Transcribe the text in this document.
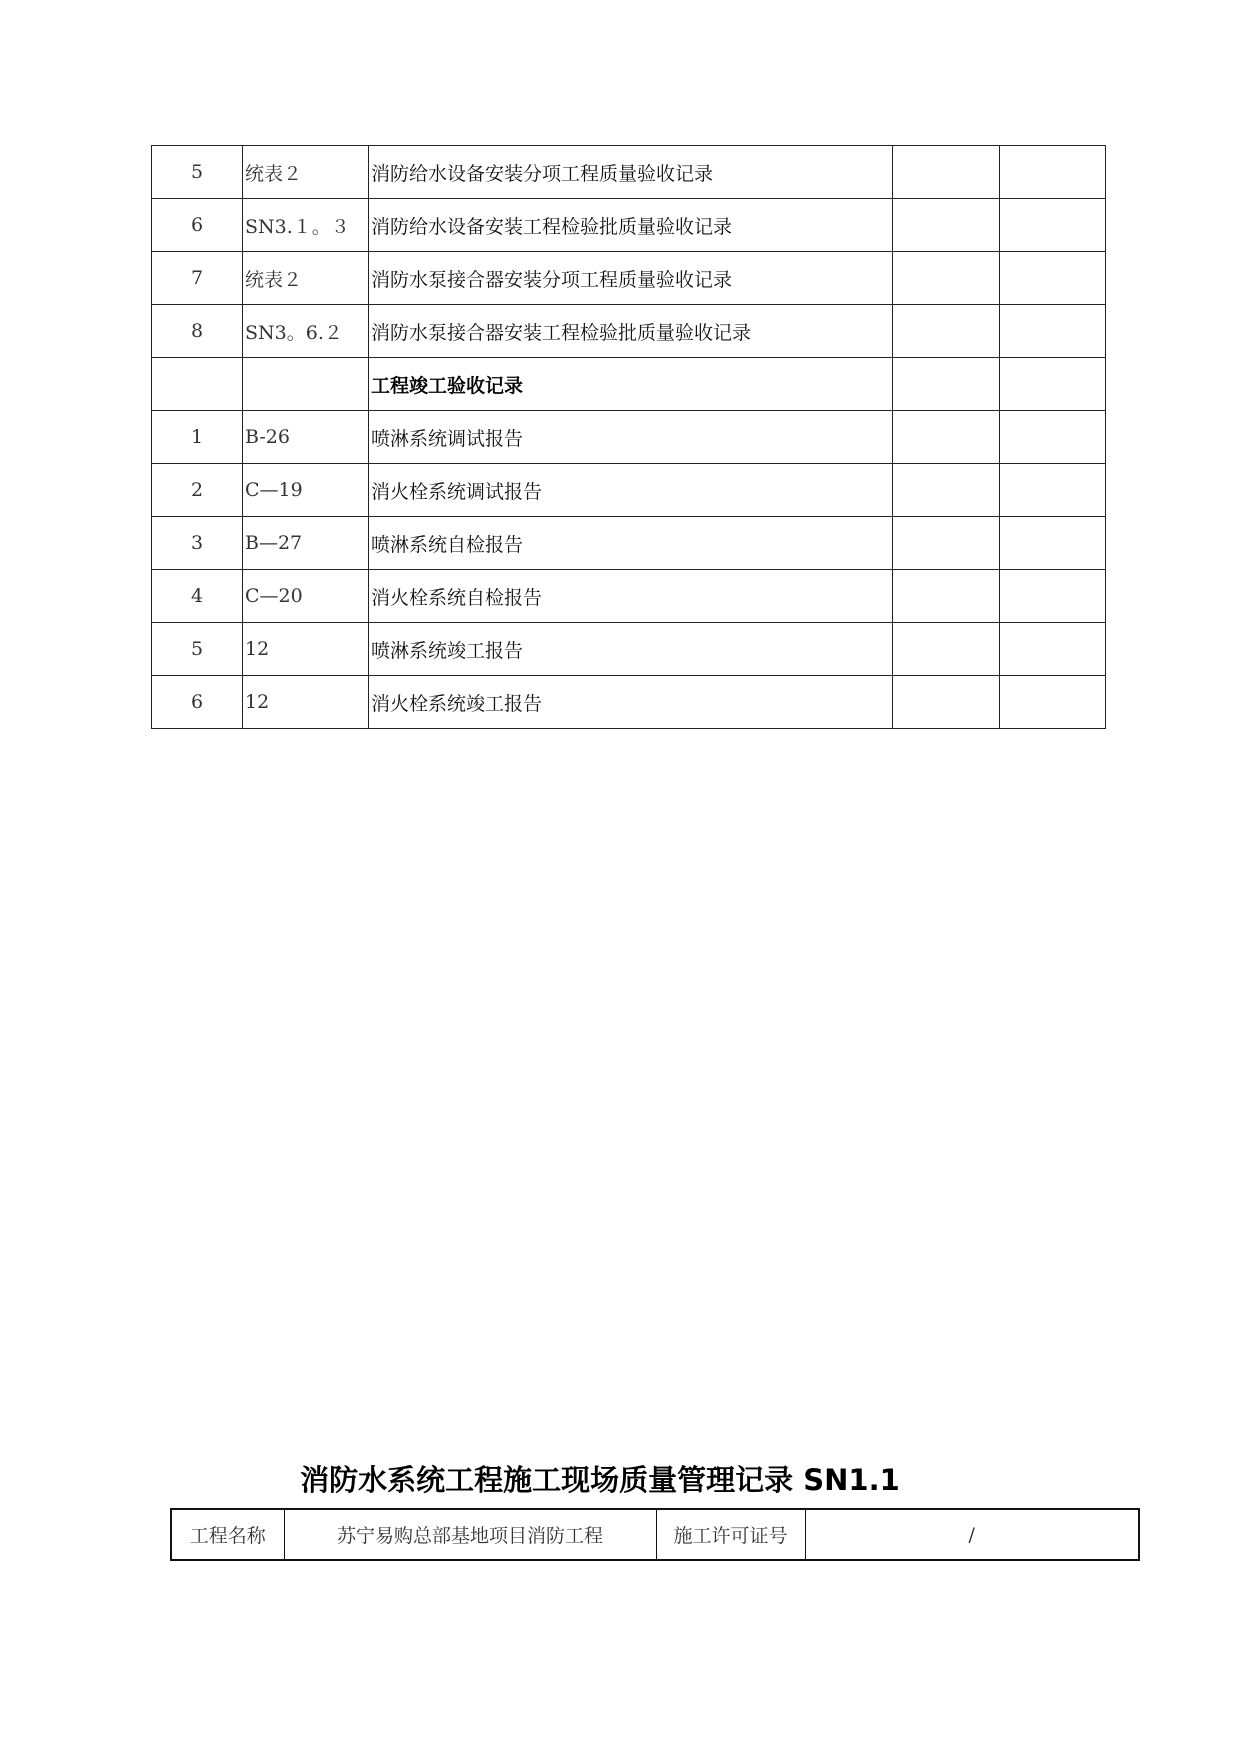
5	统表２	消防给水设备安装分项工程质量验收记录		
6	SN3.１。３	消防给水设备安装工程检验批质量验收记录		
7	统表２	消防水泵接合器安装分项工程质量验收记录		
8	SN3。6.２	消防水泵接合器安装工程检验批质量验收记录		
		工程竣工验收记录		
1	B-26	喷淋系统调试报告		
2	C—19	消火栓系统调试报告		
3	B—27	喷淋系统自检报告		
4	C—20	消火栓系统自检报告		
5	12	喷淋系统竣工报告		
6	12	消火栓系统竣工报告		
消防水系统工程施工现场质量管理记录 SN1.1
工程名称	苏宁易购总部基地项目消防工程	施工许可证号	/
